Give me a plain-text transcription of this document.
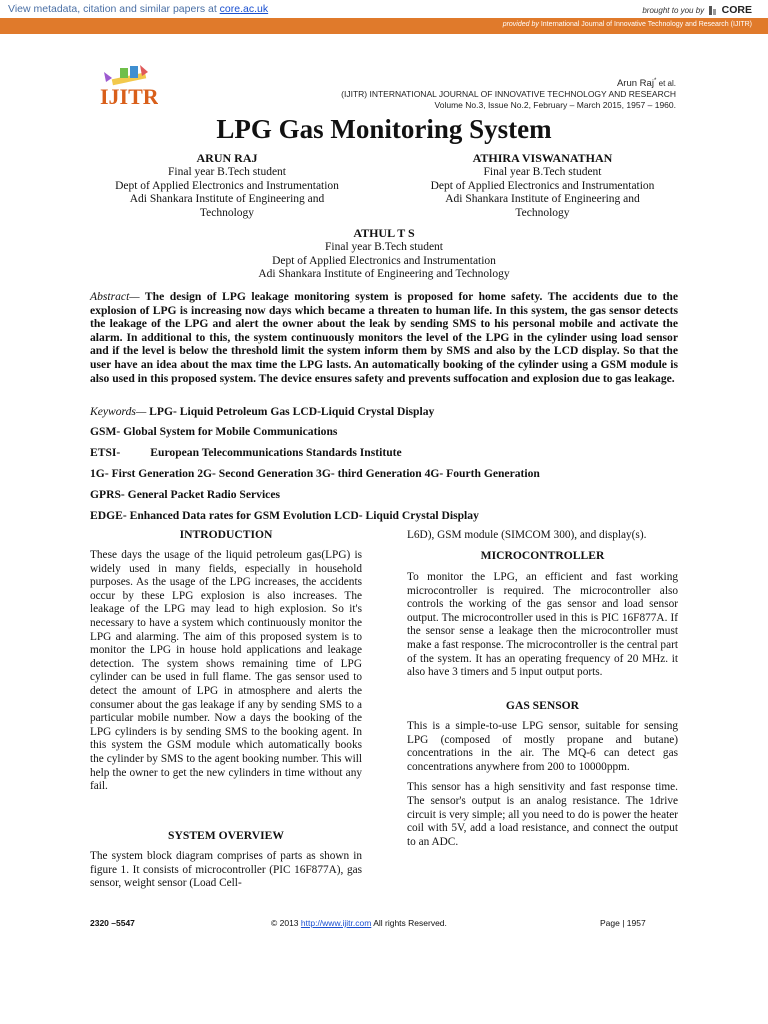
View metadata, citation and similar papers at core.ac.uk	brought to you by CORE
provided by International Journal of Innovative Technology and Research (IJITR)
IJITR
Arun Raj* et al.
(IJITR) INTERNATIONAL JOURNAL OF INNOVATIVE TECHNOLOGY AND RESEARCH
Volume No.3, Issue No.2, February – March 2015, 1957 – 1960.
LPG Gas Monitoring System
ARUN RAJ
Final year B.Tech student
Dept of Applied Electronics and Instrumentation
Adi Shankara Institute of Engineering and
Technology
ATHIRA VISWANATHAN
Final year B.Tech student
Dept of Applied Electronics and Instrumentation
Adi Shankara Institute of Engineering and
Technology
ATHUL T S
Final year B.Tech student
Dept of Applied Electronics and Instrumentation
Adi Shankara Institute of Engineering and Technology
Abstract— The design of LPG leakage monitoring system is proposed for home safety. The accidents due to the explosion of LPG is increasing now days which became a threaten to human life. In this system, the gas sensor detects the leakage of the LPG and alert the owner about the leak by sending SMS to his personal mobile and activate the alarm. In additional to this, the system continuously monitors the level of the LPG in the cylinder using load sensor and if the level is below the threshold limit the system inform them by SMS and also by the LCD display. So that the user have an idea about the max time the LPG lasts. An automatically booking of the cylinder using a GSM module is also used in this proposed system. The device ensures safety and prevents suffocation and explosion due to gas leakage.
Keywords— LPG- Liquid Petroleum Gas LCD-Liquid Crystal Display
GSM- Global System for Mobile Communications
ETSI-	European Telecommunications Standards Institute
1G- First Generation 2G- Second Generation 3G- third Generation 4G- Fourth Generation
GPRS- General Packet Radio Services
EDGE- Enhanced Data rates for GSM Evolution LCD- Liquid Crystal Display
INTRODUCTION

These days the usage of the liquid petroleum gas(LPG) is widely used in many fields, especially in household purposes. As the usage of the LPG increases, the accidents occur by these LPG explosion is also increases. The leakage of the LPG may lead to high explosion. So it's necessary to have a system which continuously monitor the LPG and alarming. The aim of this proposed system is to monitor the LPG in house hold applications and leakage detection. The system shows remaining time of LPG cylinder can be used in full flame. The gas sensor used to detect the amount of LPG in atmosphere and alerts the consumer about the gas leakage if any by sending SMS to a particular mobile number. Now a days the booking of the LPG cylinders is by sending SMS to the booking agent. In this system the GSM module which automatically books the cylinder by SMS to the agent booking number. This will help the owner to get the new cylinders in time without any fail.

SYSTEM OVERVIEW

The system block diagram comprises of parts as shown in figure 1. It consists of microcontroller (PIC 16F877A), gas sensor, weight sensor (Load Cell-

L6D), GSM module (SIMCOM 300), and display(s).

MICROCONTROLLER

To monitor the LPG, an efficient and fast working microcontroller is required. The microcontroller also controls the working of the gas sensor and load sensor output. The microcontroller used in this is PIC 16F877A. If the sensor sense a leakage then the microcontroller must make a fast response. The microcontroller is the central part of the system. It has an operating frequency of 20 MHz. it also have 3 timers and 5 input output ports.

GAS SENSOR

This is a simple-to-use LPG sensor, suitable for sensing LPG (composed of mostly propane and butane) concentrations in the air. The MQ-6 can detect gas concentrations anywhere from 200 to 10000ppm.

This sensor has a high sensitivity and fast response time. The sensor's output is an analog resistance. The 1drive circuit is very simple; all you need to do is power the heater coil with 5V, add a load resistance, and connect the output to an ADC.

2320 –5547	© 2013 http://www.ijitr.com All rights Reserved.	Page | 1957
